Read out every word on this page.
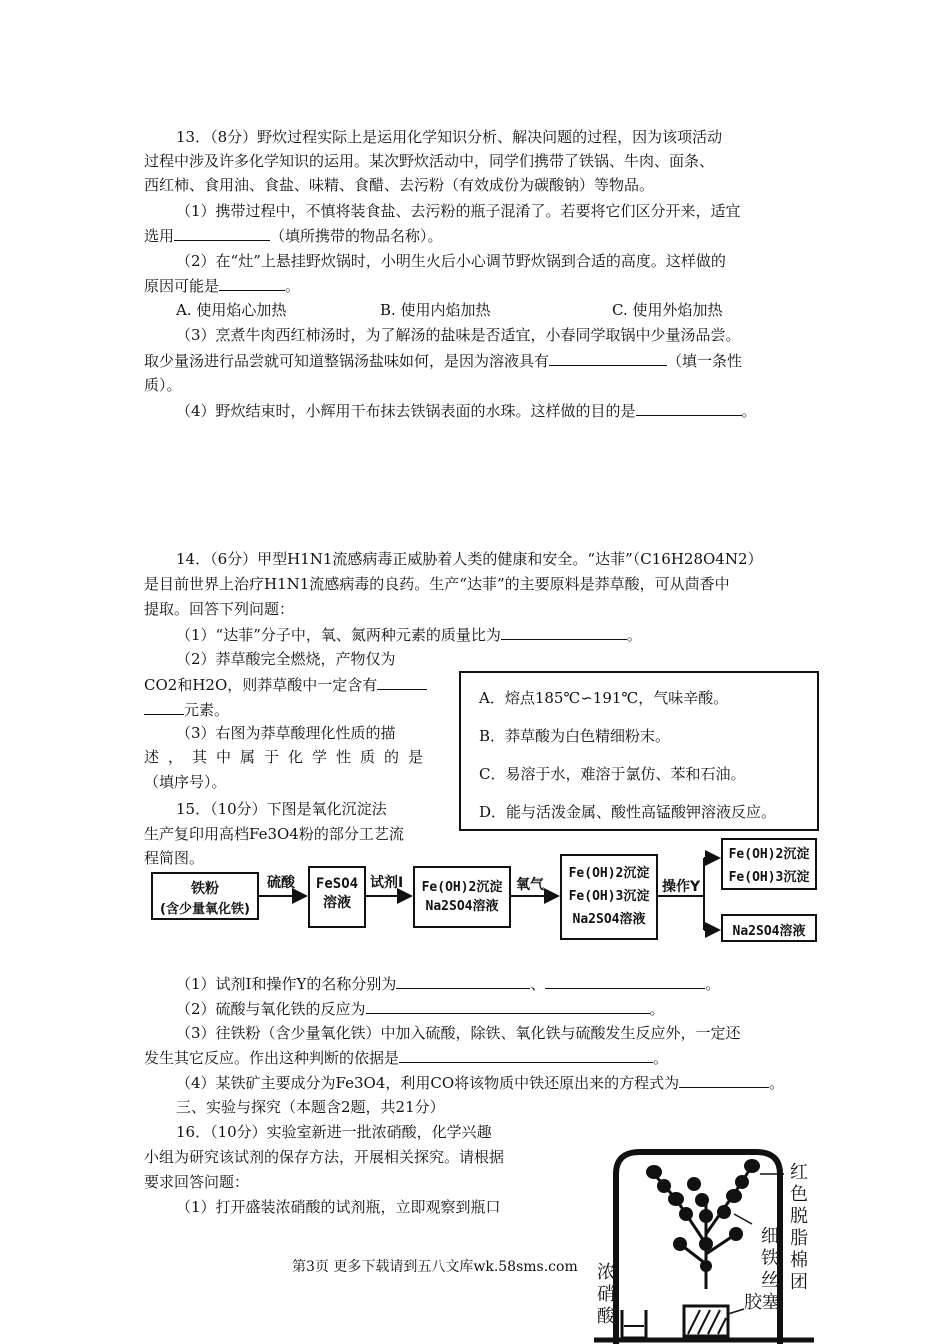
13．（8分）野炊过程实际上是运用化学知识分析、解决问题的过程，因为该项活动
过程中涉及许多化学知识的运用。某次野炊活动中，同学们携带了铁锅、牛肉、面条、
西红柿、食用油、食盐、味精、食醋、去污粉（有效成份为碳酸钠）等物品。
（1）携带过程中，不慎将装食盐、去污粉的瓶子混淆了。若要将它们区分开来，适宜
选用	（填所携带的物品名称）。
（2）在“灶”上悬挂野炊锅时，小明生火后小心调节野炊锅到合适的高度。这样做的
原因可能是	。
A. 使用焰心加热	B. 使用内焰加热	C. 使用外焰加热
（3）烹煮牛肉西红柿汤时，为了解汤的盐味是否适宜，小春同学取锅中少量汤品尝。
取少量汤进行品尝就可知道整锅汤盐味如何，是因为溶液具有	（填一条性
质）。
（4）野炊结束时，小辉用干布抹去铁锅表面的水珠。这样做的目的是	。
14．（6分）甲型H1N1流感病毒正威胁着人类的健康和安全。“达菲”（C16H28O4N2）
是目前世界上治疗H1N1流感病毒的良药。生产“达菲”的主要原料是莽草酸，可从茴香中
提取。回答下列问题：
（1）“达菲”分子中，氧、氮两种元素的质量比为	。
（2）莽草酸完全燃烧，产物仅为
CO2和H2O，则莽草酸中一定含有
元素。
（3）右图为莽草酸理化性质的描
述，其中属于化学性质的是
（填序号）。
A．熔点185℃∽191℃，气味辛酸。
B．莽草酸为白色精细粉末。
C．易溶于水，难溶于氯仿、苯和石油。
D．能与活泼金属、酸性高锰酸钾溶液反应。
15．（10分）下图是氧化沉淀法
生产复印用高档Fe3O4粉的部分工艺流
程简图。
铁粉
(含少量氧化铁)
硫酸	FeSO4
溶液
试剂Ⅰ	Fe(OH)2沉淀
Na2SO4溶液
氧气
Fe(OH)2沉淀
Fe(OH)3沉淀
Na2SO4溶液
操作Y
Fe(OH)2沉淀
Fe(OH)3沉淀
Na2SO4溶液
（1）试剂Ⅰ和操作Y的名称分别为	、	。
（2）硫酸与氧化铁的反应为	。
（3）往铁粉（含少量氧化铁）中加入硫酸，除铁、氧化铁与硫酸发生反应外，一定还
发生其它反应。作出这种判断的依据是	。
（4）某铁矿主要成分为Fe3O4，利用CO将该物质中铁还原出来的方程式为	。
三、实验与探究（本题含2题，共21分）
16．（10分）实验室新进一批浓硝酸，化学兴趣
小组为研究该试剂的保存方法，开展相关探究。请根据
要求回答问题：
（1）打开盛装浓硝酸的试剂瓶，立即观察到瓶口
红色脱脂棉团
细铁丝
胶塞
浓硝酸
第3页 更多下载请到五八文库wk.58sms.com
